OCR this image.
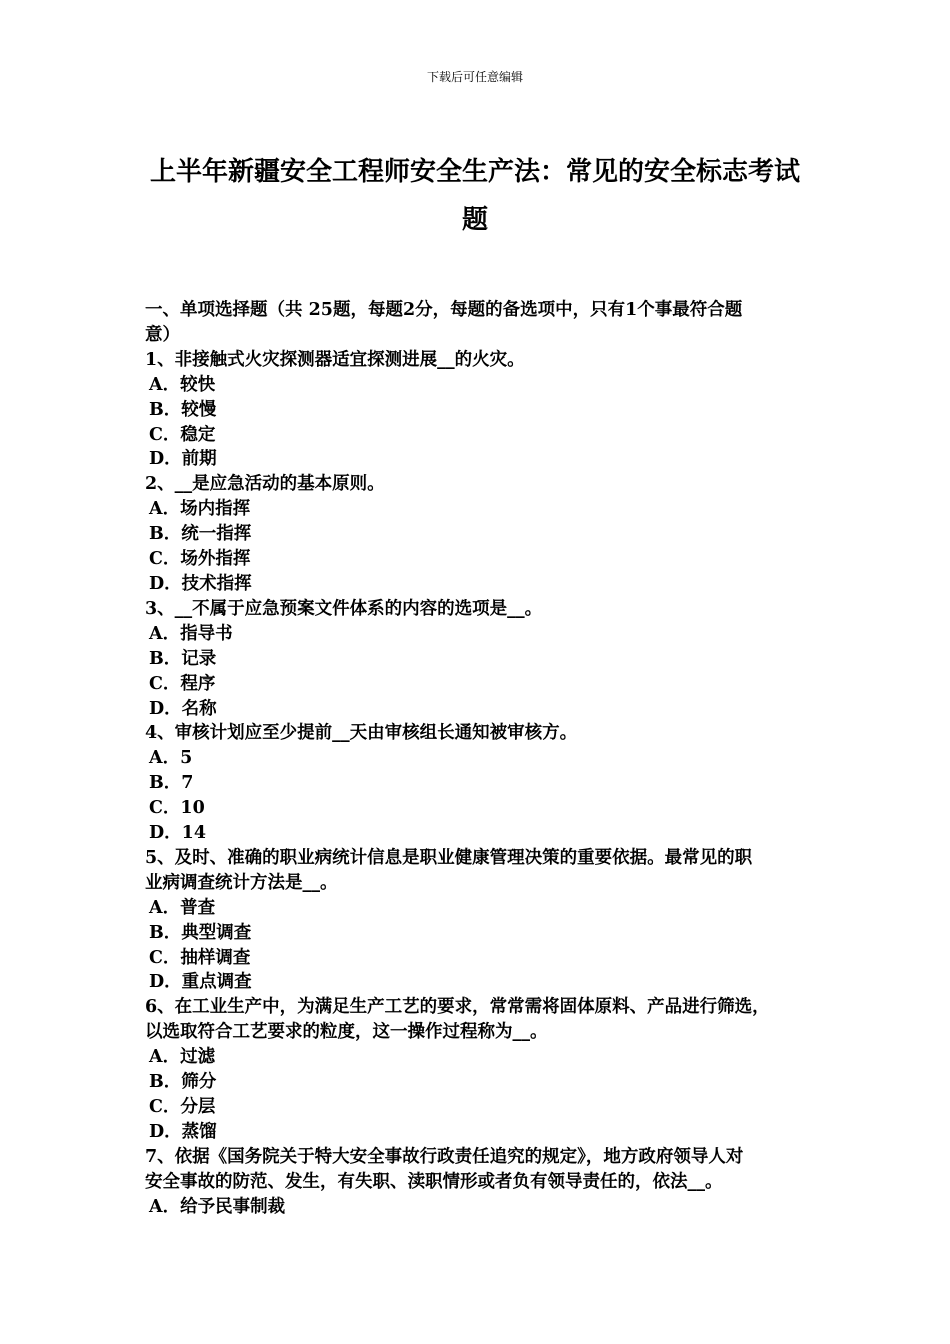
下载后可任意编辑
上半年新疆安全工程师安全生产法：常见的安全标志考试题
一、单项选择题（共 25题，每题2分，每题的备选项中，只有1个事最符合题
意）
1、非接触式火灾探测器适宜探测进展__的火灾。
A．较快
B．较慢
C．稳定
D．前期
2、__是应急活动的基本原则。
A．场内指挥
B．统一指挥
C．场外指挥
D．技术指挥
3、__不属于应急预案文件体系的内容的选项是__。
A．指导书
B．记录
C．程序
D．名称
4、审核计划应至少提前__天由审核组长通知被审核方。
A．5
B．7
C．10
D．14
5、及时、准确的职业病统计信息是职业健康管理决策的重要依据。最常见的职
业病调查统计方法是__。
A．普查
B．典型调查
C．抽样调查
D．重点调查
6、在工业生产中，为满足生产工艺的要求，常常需将固体原料、产品进行筛选，
以选取符合工艺要求的粒度，这一操作过程称为__。
A．过滤
B．筛分
C．分层
D．蒸馏
7、依据《国务院关于特大安全事故行政责任追究的规定》，地方政府领导人对
安全事故的防范、发生，有失职、渎职情形或者负有领导责任的，依法__。
A．给予民事制裁
